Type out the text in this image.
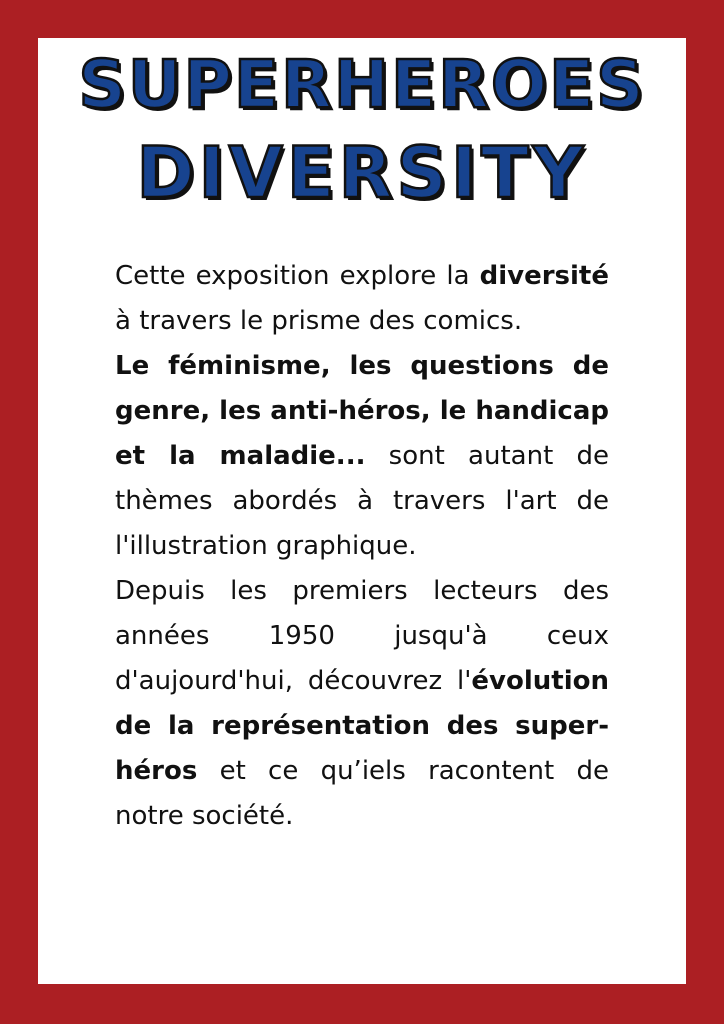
SUPERHEROES
DIVERSITY

Cette exposition explore la diversité à travers le prisme des comics.

Le féminisme, les questions de genre, les anti-héros, le handicap et la maladie... sont autant de thèmes abordés à travers l'art de l'illustration graphique.

Depuis les premiers lecteurs des années 1950 jusqu'à ceux d'aujourd'hui, découvrez l'évolution de la représentation des super-héros et ce qu’iels racontent de notre société.
